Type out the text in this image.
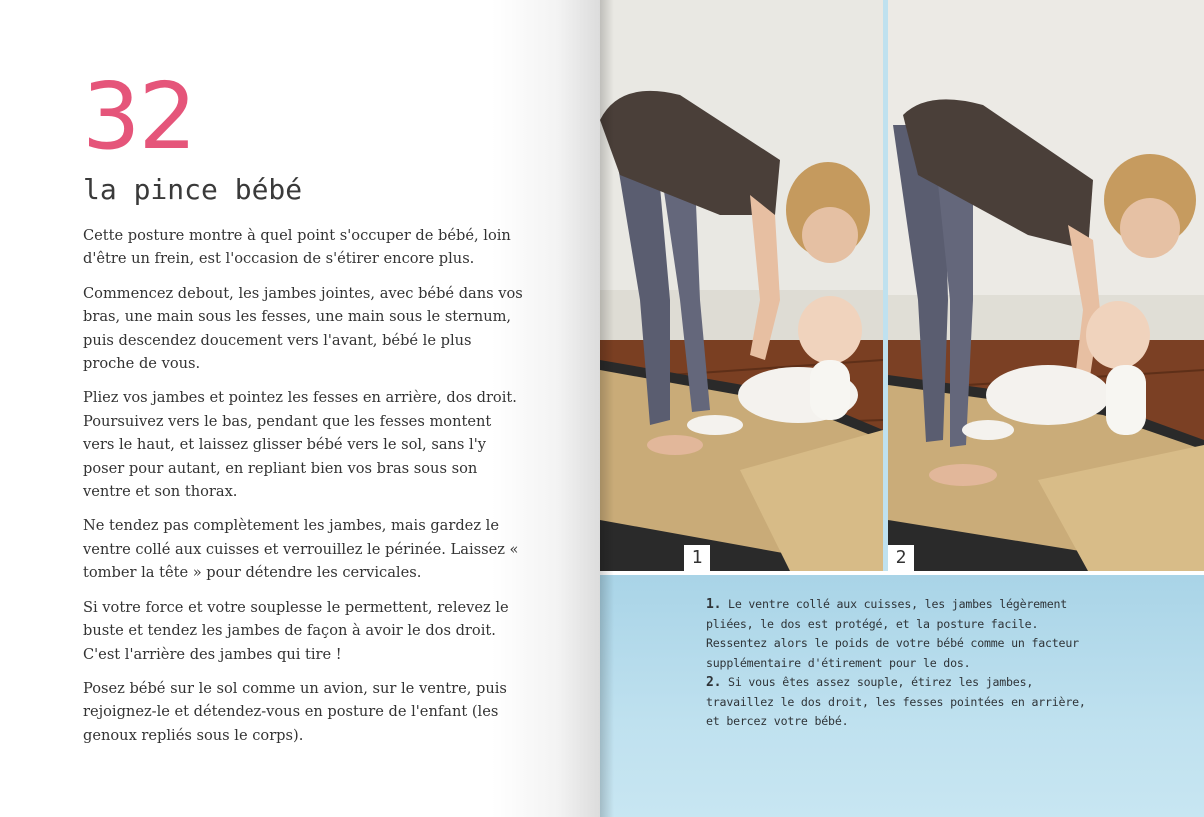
32
la pince bébé

Cette posture montre à quel point s'occuper de bébé, loin d'être un frein, est l'occasion de s'étirer encore plus.

Commencez debout, les jambes jointes, avec bébé dans vos bras, une main sous les fesses, une main sous le sternum, puis descendez doucement vers l'avant, bébé le plus proche de vous.

Pliez vos jambes et pointez les fesses en arrière, dos droit. Poursuivez vers le bas, pendant que les fesses montent vers le haut, et laissez glisser bébé vers le sol, sans l'y poser pour autant, en repliant bien vos bras sous son ventre et son thorax.

Ne tendez pas complètement les jambes, mais gardez le ventre collé aux cuisses et verrouillez le périnée. Laissez « tomber la tête » pour détendre les cervicales.

Si votre force et votre souplesse le permettent, relevez le buste et tendez les jambes de façon à avoir le dos droit. C'est l'arrière des jambes qui tire !

Posez bébé sur le sol comme un avion, sur le ventre, puis rejoignez-le et détendez-vous en posture de l'enfant (les genoux repliés sous le corps).

1	2
1. Le ventre collé aux cuisses, les jambes légèrement pliées, le dos est protégé, et la posture facile. Ressentez alors le poids de votre bébé comme un facteur supplémentaire d'étirement pour le dos.
2. Si vous êtes assez souple, étirez les jambes, travaillez le dos droit, les fesses pointées en arrière, et bercez votre bébé.
